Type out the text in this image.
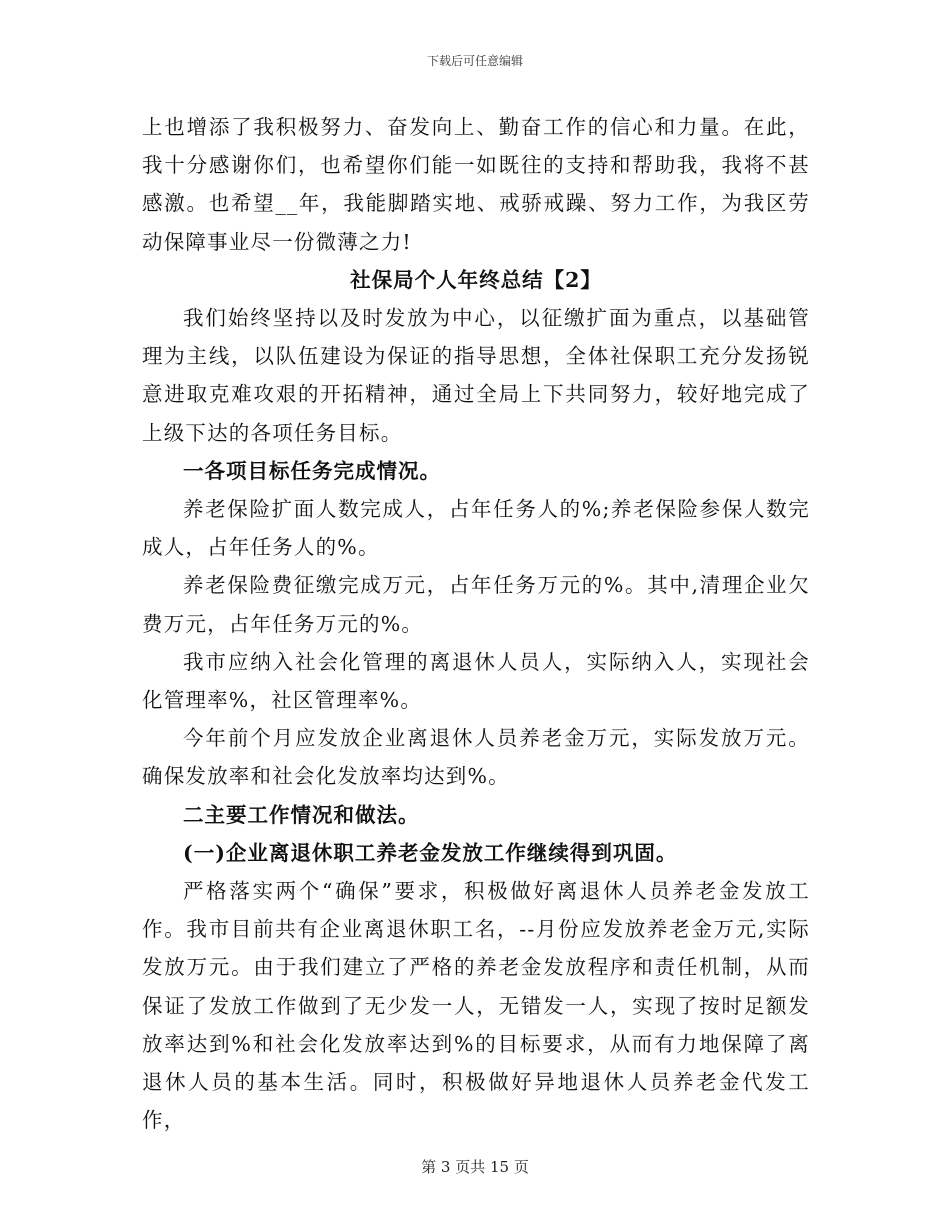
下载后可任意编辑

上也增添了我积极努力、奋发向上、勤奋工作的信心和力量。在此，我十分感谢你们，也希望你们能一如既往的支持和帮助我，我将不甚感激。也希望__年，我能脚踏实地、戒骄戒躁、努力工作，为我区劳动保障事业尽一份微薄之力!

社保局个人年终总结【2】

我们始终坚持以及时发放为中心，以征缴扩面为重点，以基础管理为主线，以队伍建设为保证的指导思想，全体社保职工充分发扬锐意进取克难攻艰的开拓精神，通过全局上下共同努力，较好地完成了上级下达的各项任务目标。

一各项目标任务完成情况。

养老保险扩面人数完成人，占年任务人的%;养老保险参保人数完成人，占年任务人的%。

养老保险费征缴完成万元，占年任务万元的%。其中,清理企业欠费万元，占年任务万元的%。

我市应纳入社会化管理的离退休人员人，实际纳入人，实现社会化管理率%，社区管理率%。

今年前个月应发放企业离退休人员养老金万元，实际发放万元。确保发放率和社会化发放率均达到%。

二主要工作情况和做法。
(一)企业离退休职工养老金发放工作继续得到巩固。

严格落实两个“确保”要求，积极做好离退休人员养老金发放工作。我市目前共有企业离退休职工名，--月份应发放养老金万元,实际发放万元。由于我们建立了严格的养老金发放程序和责任机制，从而保证了发放工作做到了无少发一人，无错发一人，实现了按时足额发放率达到%和社会化发放率达到%的目标要求，从而有力地保障了离退休人员的基本生活。同时，积极做好异地退休人员养老金代发工作，

第 3 页共 15 页
